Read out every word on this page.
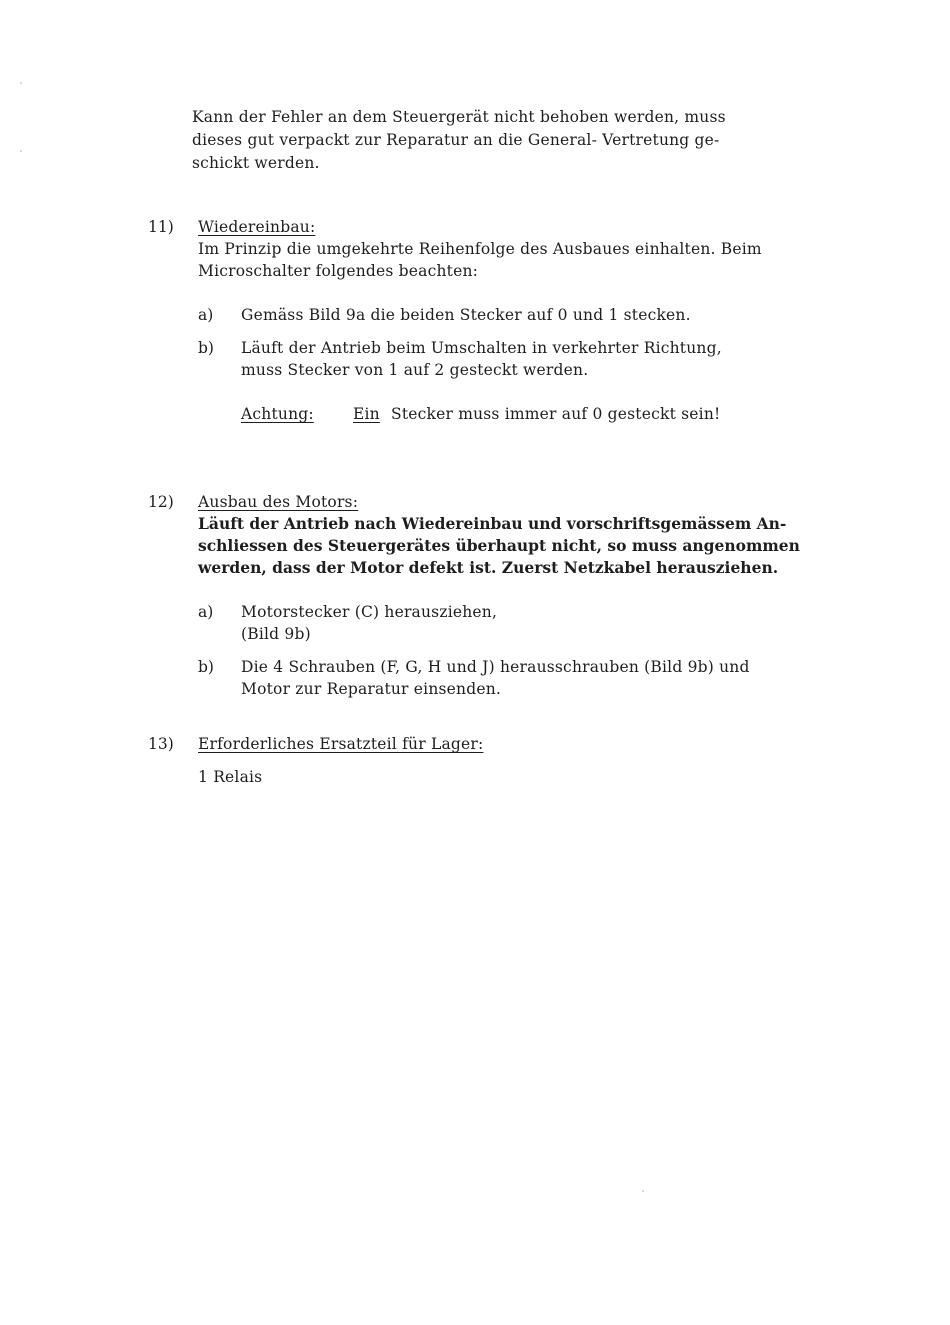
Kann der Fehler an dem Steuergerät nicht behoben werden, muss
dieses gut verpackt zur Reparatur an die General- Vertretung ge-
schickt werden.
11) Wiedereinbau:
Im Prinzip die umgekehrte Reihenfolge des Ausbaues einhalten. Beim
Microschalter folgendes beachten:
a) Gemäss Bild 9a die beiden Stecker auf 0 und 1 stecken.
b) Läuft der Antrieb beim Umschalten in verkehrter Richtung,
muss Stecker von 1 auf 2 gesteckt werden.
Achtung:	Ein Stecker muss immer auf 0 gesteckt sein!
12) Ausbau des Motors:
Läuft der Antrieb nach Wiedereinbau und vorschriftsgemässem An-
schliessen des Steuergerätes überhaupt nicht, so muss angenommen
werden, dass der Motor defekt ist. Zuerst Netzkabel herausziehen.
a) Motorstecker (C) herausziehen,
(Bild 9b)
b) Die 4 Schrauben (F, G, H und J) herausschrauben (Bild 9b) und
Motor zur Reparatur einsenden.
13) Erforderliches Ersatzteil für Lager:
1 Relais
